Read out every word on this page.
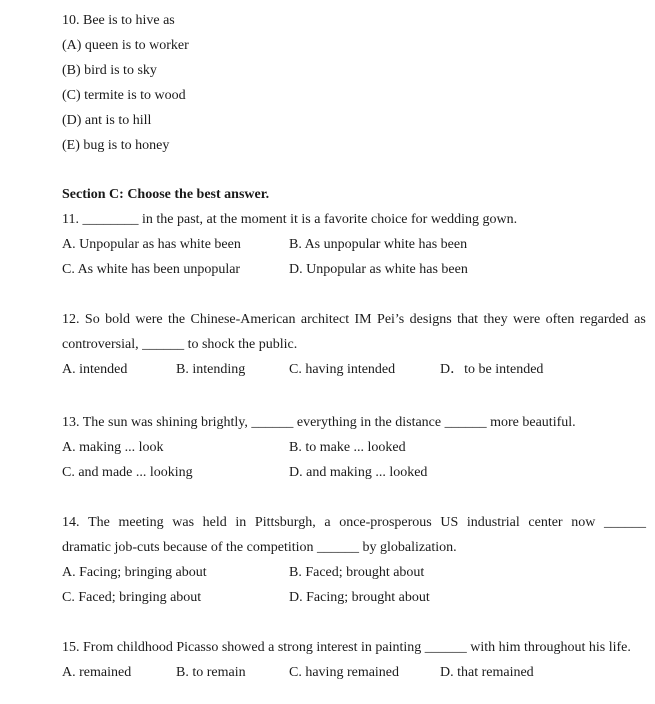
10. Bee is to hive as
(A) queen is to worker
(B) bird is to sky
(C) termite is to wood
(D) ant is to hill
(E) bug is to honey
Section C: Choose the best answer.
11. ________ in the past, at the moment it is a favorite choice for wedding gown.
A. Unpopular as has white been	B. As unpopular white has been
C. As white has been unpopular	D. Unpopular as white has been
12. So bold were the Chinese-American architect IM Pei’s designs that they were often regarded as
controversial, ______ to shock the public.
A. intended	B. intending	C. having intended	D．to be intended
13. The sun was shining brightly, ______ everything in the distance ______ more beautiful.
A. making ... look	B. to make ... looked
C. and made ... looking	D. and making ... looked
14. The meeting was held in Pittsburgh, a once-prosperous US industrial center now ______
dramatic job-cuts because of the competition ______ by globalization.
A. Facing; bringing about	B. Faced; brought about
C. Faced; bringing about	D. Facing; brought about
15. From childhood Picasso showed a strong interest in painting ______ with him throughout his life.
A. remained	B. to remain	C. having remained	D. that remained
